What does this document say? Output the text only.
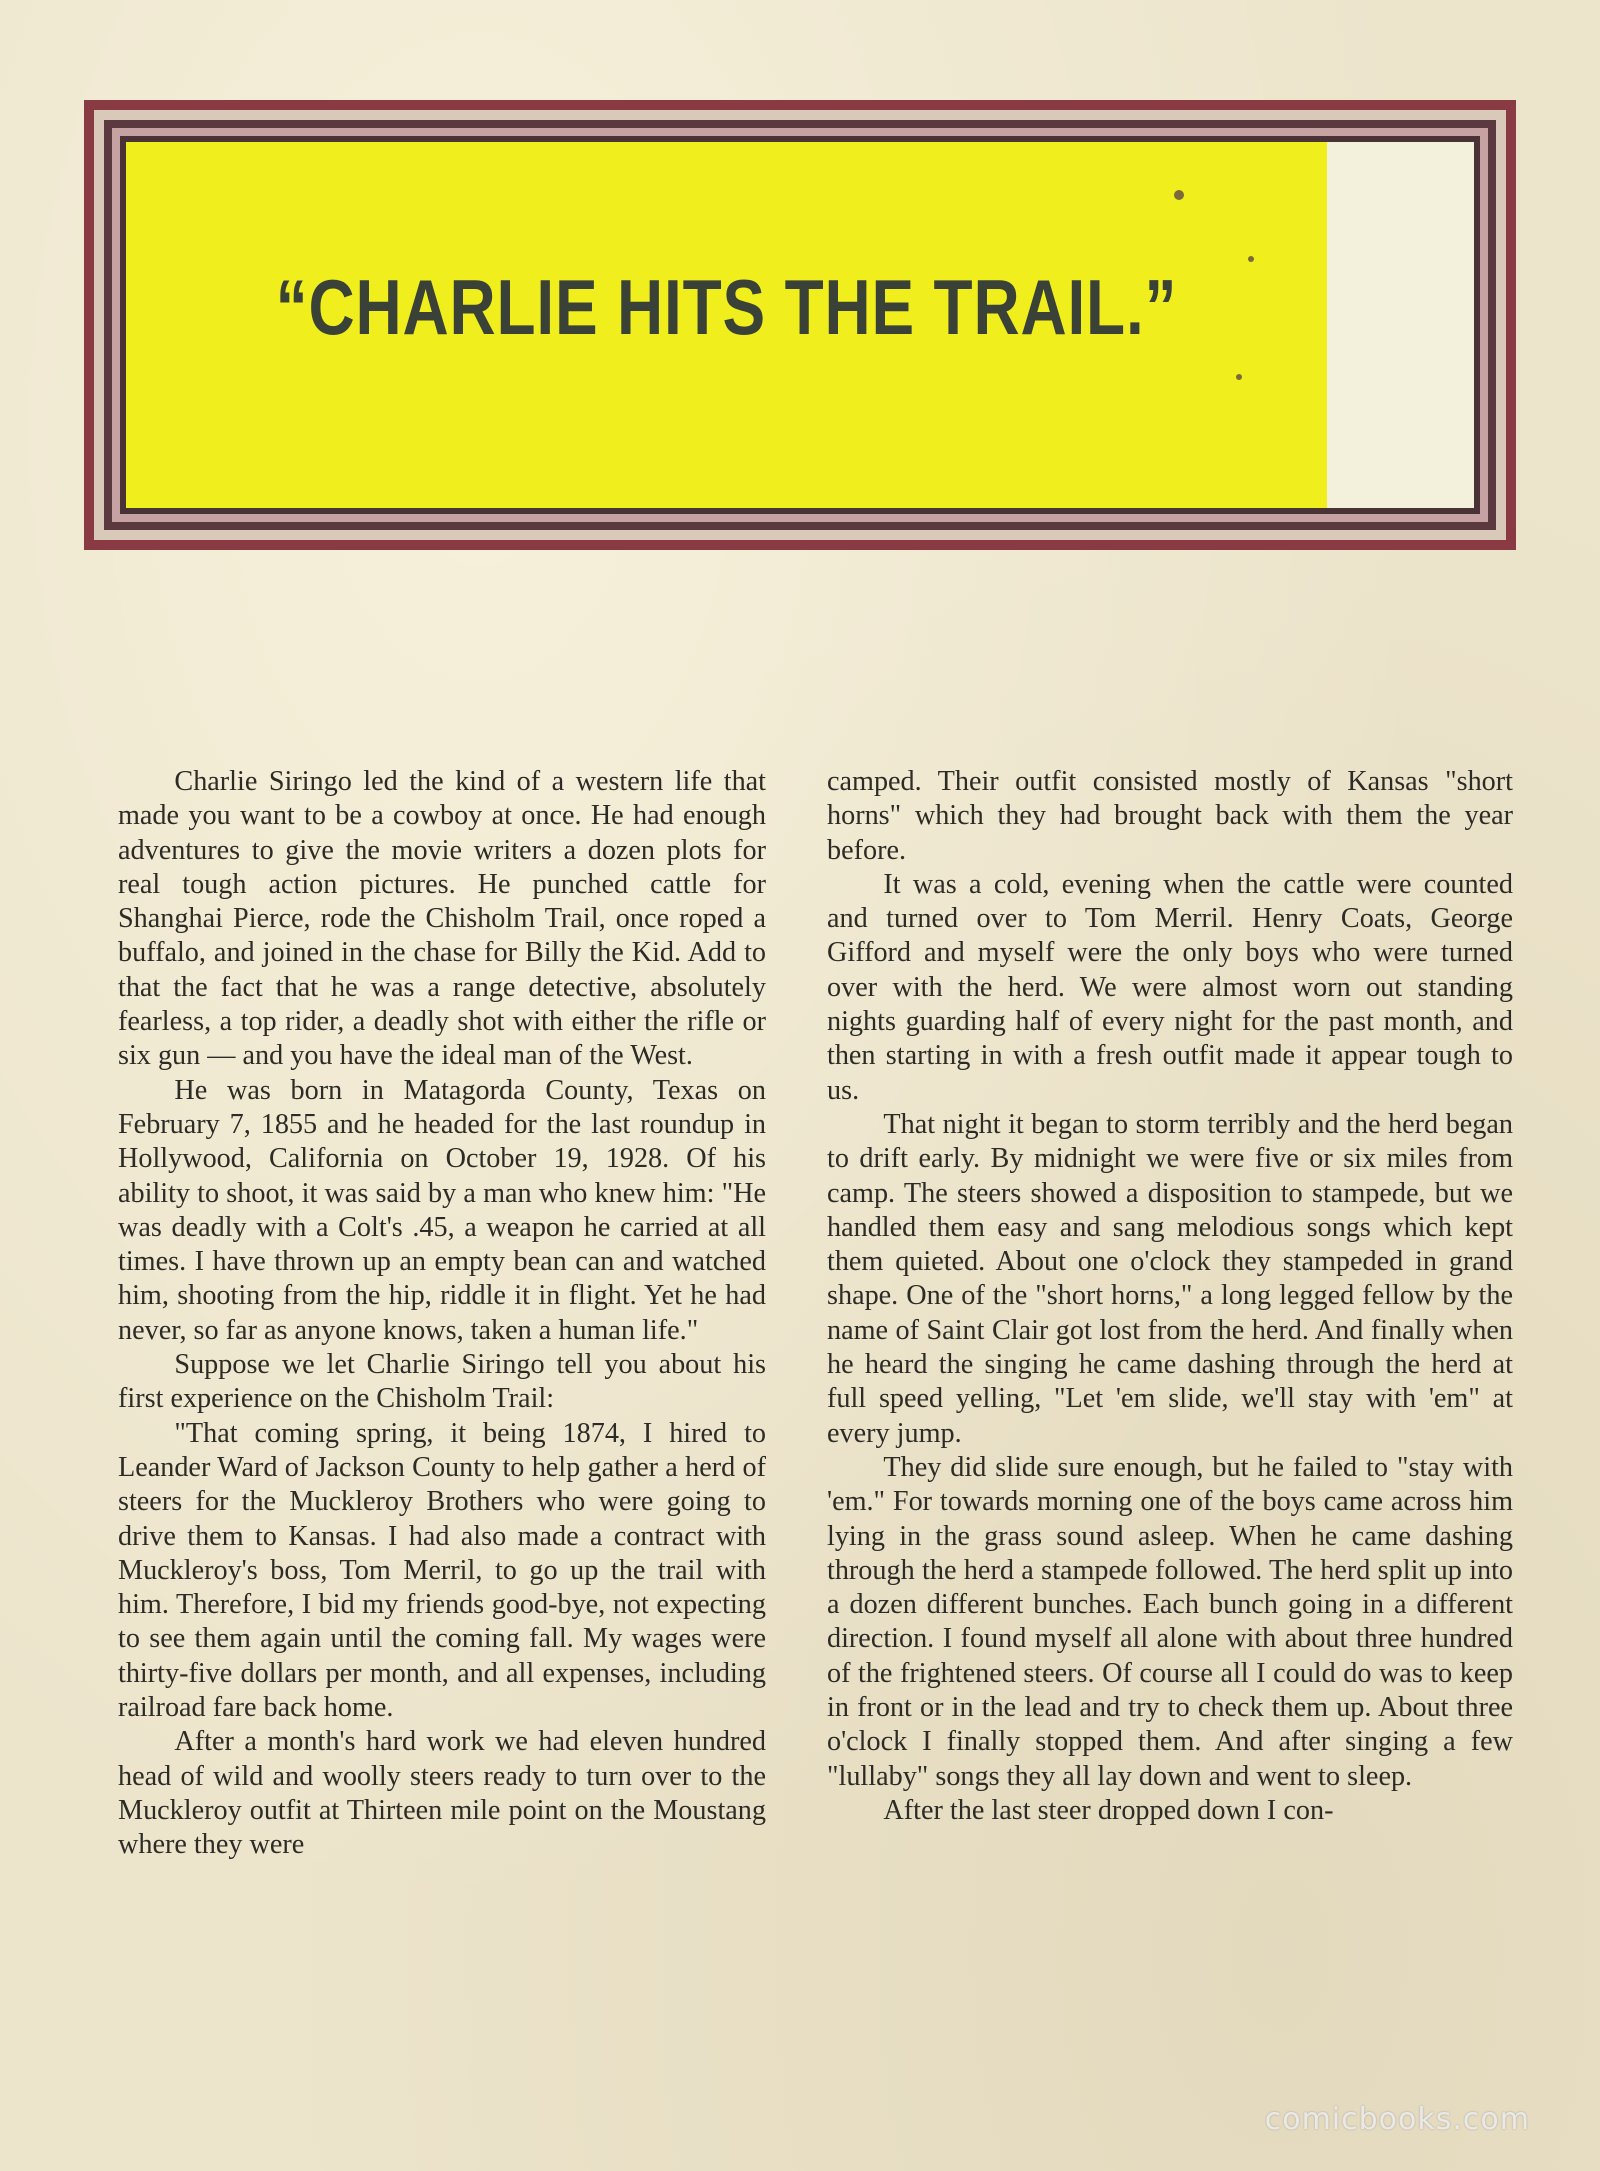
“CHARLIE HITS THE TRAIL.”

Charlie Siringo led the kind of a western life that made you want to be a cowboy at once. He had enough adventures to give the movie writers a dozen plots for real tough action pictures. He punched cattle for Shanghai Pierce, rode the Chisholm Trail, once roped a buffalo, and joined in the chase for Billy the Kid. Add to that the fact that he was a range detective, absolutely fearless, a top rider, a deadly shot with either the rifle or six gun — and you have the ideal man of the West.

He was born in Matagorda County, Texas on February 7, 1855 and he headed for the last roundup in Hollywood, California on October 19, 1928. Of his ability to shoot, it was said by a man who knew him: "He was deadly with a Colt's .45, a weapon he carried at all times. I have thrown up an empty bean can and watched him, shooting from the hip, riddle it in flight. Yet he had never, so far as anyone knows, taken a human life."

Suppose we let Charlie Siringo tell you about his first experience on the Chisholm Trail:

"That coming spring, it being 1874, I hired to Leander Ward of Jackson County to help gather a herd of steers for the Muckleroy Brothers who were going to drive them to Kansas. I had also made a contract with Muckleroy's boss, Tom Merril, to go up the trail with him. Therefore, I bid my friends good-bye, not expecting to see them again until the coming fall. My wages were thirty-five dollars per month, and all expenses, including railroad fare back home.

After a month's hard work we had eleven hundred head of wild and woolly steers ready to turn over to the Muckleroy outfit at Thirteen mile point on the Moustang where they were

camped. Their outfit consisted mostly of Kansas "short horns" which they had brought back with them the year before.

It was a cold, evening when the cattle were counted and turned over to Tom Merril. Henry Coats, George Gifford and myself were the only boys who were turned over with the herd. We were almost worn out standing nights guarding half of every night for the past month, and then starting in with a fresh outfit made it appear tough to us.

That night it began to storm terribly and the herd began to drift early. By midnight we were five or six miles from camp. The steers showed a disposition to stampede, but we handled them easy and sang melodious songs which kept them quieted. About one o'clock they stampeded in grand shape. One of the "short horns," a long legged fellow by the name of Saint Clair got lost from the herd. And finally when he heard the singing he came dashing through the herd at full speed yelling, "Let 'em slide, we'll stay with 'em" at every jump.

They did slide sure enough, but he failed to "stay with 'em." For towards morning one of the boys came across him lying in the grass sound asleep. When he came dashing through the herd a stampede followed. The herd split up into a dozen different bunches. Each bunch going in a different direction. I found myself all alone with about three hundred of the frightened steers. Of course all I could do was to keep in front or in the lead and try to check them up. About three o'clock I finally stopped them. And after singing a few "lullaby" songs they all lay down and went to sleep.

After the last steer dropped down I con-

comicbooks.com
